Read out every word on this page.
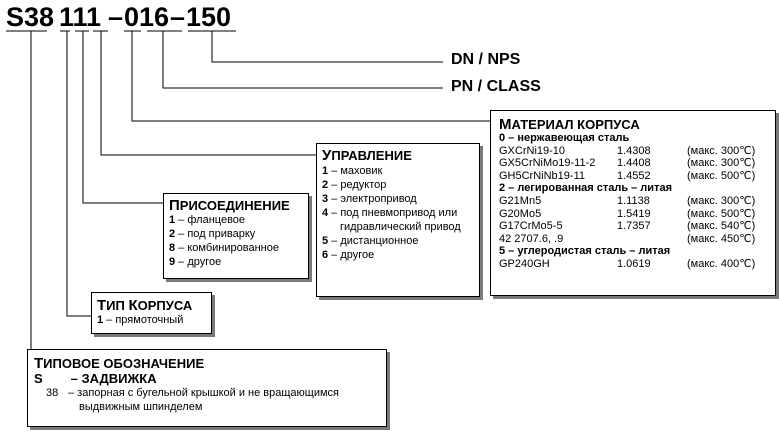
S38 111 – 016 – 150
DN / NPS
PN / CLASS
МАТЕРИАЛ КОРПУСА
0 – нержавеющая сталь
GXCrNi19-10	1.4308	(макс. 300℃)
GX5CrNiMo19-11-2 1.4408	(макс. 300℃)
GH5CrNiNb19-11	1.4552	(макс. 500℃)
2 – легированная сталь – литая
G21Mn5	1.1138	(макс. 300℃)
G20Mo5	1.5419	(макс. 500℃)
G17CrMo5-5	1.7357	(макс. 540℃)
42 2707.6, .9	(макс. 450℃)
5 – углеродистая сталь – литая
GP240GH	1.0619	(макс. 400℃)
УПРАВЛЕНИЕ
1 – маховик
2 – редуктор
3 – электропривод
4 – под пневмопривод или
гидравлический привод
5 – дистанционное
6 – другое
ПРИСОЕДИНЕНИЕ
1 – фланцевое
2 – под приварку
8 – комбинированное
9 – другое
ТИП КОРПУСА
1 – прямоточный
ТИПОВОЕ ОБОЗНАЧЕНИЕ
S – ЗАДВИЖКА
38 – запорная с бугельной крышкой и не вращающимся
выдвижным шпинделем
